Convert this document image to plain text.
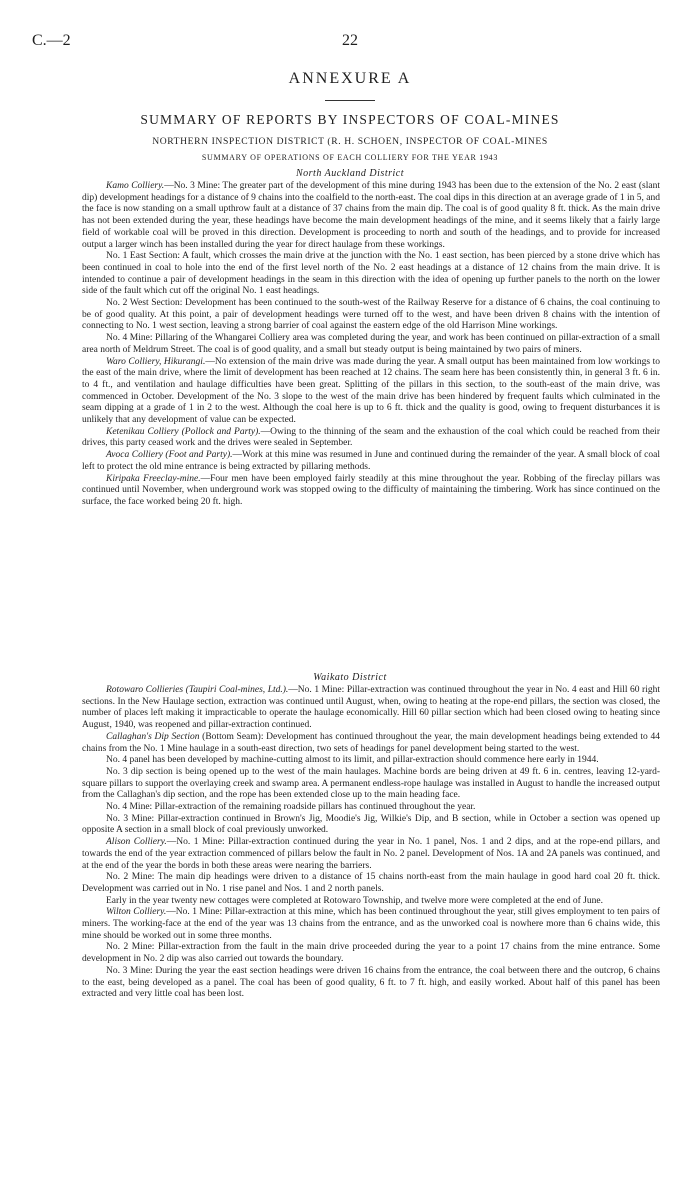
C.—2	22
ANNEXURE A
SUMMARY OF REPORTS BY INSPECTORS OF COAL-MINES
NORTHERN INSPECTION DISTRICT (R. H. SCHOEN, INSPECTOR OF COAL-MINES
SUMMARY OF OPERATIONS OF EACH COLLIERY FOR THE YEAR 1943
North Auckland District

Kamo Colliery.—No. 3 Mine: The greater part of the development of this mine during 1943 has been due to the extension of the No. 2 east (slant dip) development headings for a distance of 9 chains into the coalfield to the north-east. The coal dips in this direction at an average grade of 1 in 5, and the face is now standing on a small upthrow fault at a distance of 37 chains from the main dip. The coal is of good quality 8 ft. thick. As the main drive has not been extended during the year, these headings have become the main development headings of the mine, and it seems likely that a fairly large field of workable coal will be proved in this direction. Development is proceeding to north and south of the headings, and to provide for increased output a larger winch has been installed during the year for direct haulage from these workings.

No. 1 East Section: A fault, which crosses the main drive at the junction with the No. 1 east section, has been pierced by a stone drive which has been continued in coal to hole into the end of the first level north of the No. 2 east headings at a distance of 12 chains from the main drive. It is intended to continue a pair of development headings in the seam in this direction with the idea of opening up further panels to the north on the lower side of the fault which cut off the original No. 1 east headings.

No. 2 West Section: Development has been continued to the south-west of the Railway Reserve for a distance of 6 chains, the coal continuing to be of good quality. At this point, a pair of development headings were turned off to the west, and have been driven 8 chains with the intention of connecting to No. 1 west section, leaving a strong barrier of coal against the eastern edge of the old Harrison Mine workings.

No. 4 Mine: Pillaring of the Whangarei Colliery area was completed during the year, and work has been continued on pillar-extraction of a small area north of Meldrum Street. The coal is of good quality, and a small but steady output is being maintained by two pairs of miners.

Waro Colliery, Hikurangi.—No extension of the main drive was made during the year. A small output has been maintained from low workings to the east of the main drive, where the limit of development has been reached at 12 chains. The seam here has been consistently thin, in general 3 ft. 6 in. to 4 ft., and ventilation and haulage difficulties have been great. Splitting of the pillars in this section, to the south-east of the main drive, was commenced in October. Development of the No. 3 slope to the west of the main drive has been hindered by frequent faults which culminated in the seam dipping at a grade of 1 in 2 to the west. Although the coal here is up to 6 ft. thick and the quality is good, owing to frequent disturbances it is unlikely that any development of value can be expected.

Ketenikau Colliery (Pollock and Party).—Owing to the thinning of the seam and the exhaustion of the coal which could be reached from their drives, this party ceased work and the drives were sealed in September.

Avoca Colliery (Foot and Party).—Work at this mine was resumed in June and continued during the remainder of the year. A small block of coal left to protect the old mine entrance is being extracted by pillaring methods.

Kiripaka Freeclay-mine.—Four men have been employed fairly steadily at this mine throughout the year. Robbing of the fireclay pillars was continued until November, when underground work was stopped owing to the difficulty of maintaining the timbering. Work has since continued on the surface, the face worked being 20 ft. high.

Waikato District

Rotowaro Collieries (Taupiri Coal-mines, Ltd.).—No. 1 Mine: Pillar-extraction was continued throughout the year in No. 4 east and Hill 60 right sections. In the New Haulage section, extraction was continued until August, when, owing to heating at the rope-end pillars, the section was closed, the number of places left making it impracticable to operate the haulage economically. Hill 60 pillar section which had been closed owing to heating since August, 1940, was reopened and pillar-extraction continued.

Callaghan's Dip Section (Bottom Seam): Development has continued throughout the year, the main development headings being extended to 44 chains from the No. 1 Mine haulage in a south-east direction, two sets of headings for panel development being started to the west.

No. 4 panel has been developed by machine-cutting almost to its limit, and pillar-extraction should commence here early in 1944.

No. 3 dip section is being opened up to the west of the main haulages. Machine bords are being driven at 49 ft. 6 in. centres, leaving 12-yard-square pillars to support the overlaying creek and swamp area. A permanent endless-rope haulage was installed in August to handle the increased output from the Callaghan's dip section, and the rope has been extended close up to the main heading face.

No. 4 Mine: Pillar-extraction of the remaining roadside pillars has continued throughout the year.

No. 3 Mine: Pillar-extraction continued in Brown's Jig, Moodie's Jig, Wilkie's Dip, and B section, while in October a section was opened up opposite A section in a small block of coal previously unworked.

Alison Colliery.—No. 1 Mine: Pillar-extraction continued during the year in No. 1 panel, Nos. 1 and 2 dips, and at the rope-end pillars, and towards the end of the year extraction commenced of pillars below the fault in No. 2 panel. Development of Nos. 1A and 2A panels was continued, and at the end of the year the bords in both these areas were nearing the barriers.

No. 2 Mine: The main dip headings were driven to a distance of 15 chains north-east from the main haulage in good hard coal 20 ft. thick. Development was carried out in No. 1 rise panel and Nos. 1 and 2 north panels.

Early in the year twenty new cottages were completed at Rotowaro Township, and twelve more were completed at the end of June.

Wilton Colliery.—No. 1 Mine: Pillar-extraction at this mine, which has been continued throughout the year, still gives employment to ten pairs of miners. The working-face at the end of the year was 13 chains from the entrance, and as the unworked coal is nowhere more than 6 chains wide, this mine should be worked out in some three months.

No. 2 Mine: Pillar-extraction from the fault in the main drive proceeded during the year to a point 17 chains from the mine entrance. Some development in No. 2 dip was also carried out towards the boundary.

No. 3 Mine: During the year the east section headings were driven 16 chains from the entrance, the coal between there and the outcrop, 6 chains to the east, being developed as a panel. The coal has been of good quality, 6 ft. to 7 ft. high, and easily worked. About half of this panel has been extracted and very little coal has been lost.
